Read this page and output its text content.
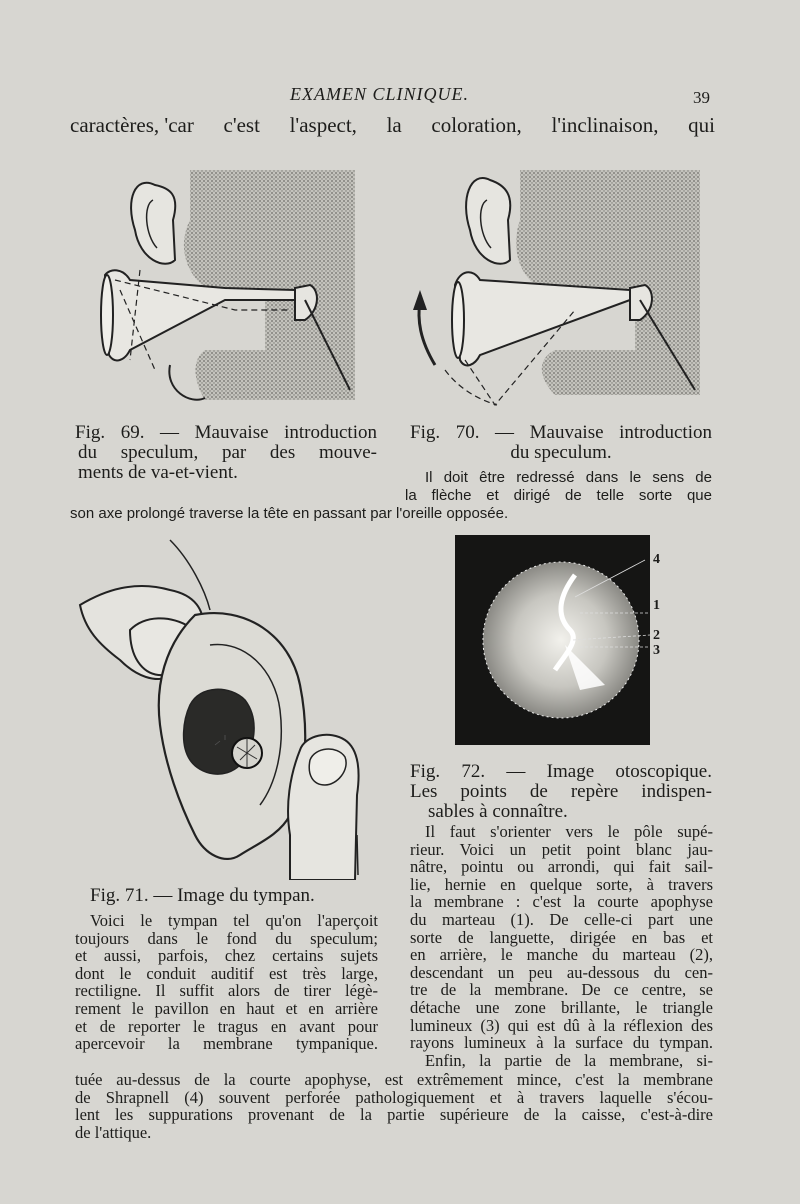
EXAMEN CLINIQUE.	39
caractères, 'car c'est l'aspect, la coloration, l'inclinaison, qui
Fig. 69. — Mauvaise introduction
du speculum, par des mouve-
ments de va-et-vient.
Fig. 70. — Mauvaise introduction
du speculum.
Il doit être redressé dans le sens de
la flèche et dirigé de telle sorte que
son axe prolongé traverse la tête en passant par l'oreille opposée.
4
1
2
3
Fig. 72. — Image otoscopique.
Les points de repère indispen-
sables à connaître.
Fig. 71. — Image du tympan.
Voici le tympan tel qu'on l'aperçoit
toujours dans le fond du speculum;
et aussi, parfois, chez certains sujets
dont le conduit auditif est très large,
rectiligne. Il suffit alors de tirer légè-
rement le pavillon en haut et en arrière
et de reporter le tragus en avant pour
apercevoir la membrane tympanique.
Il faut s'orienter vers le pôle supé-
rieur. Voici un petit point blanc jau-
nâtre, pointu ou arrondi, qui fait sail-
lie, hernie en quelque sorte, à travers
la membrane : c'est la courte apophyse
du marteau (1). De celle-ci part une
sorte de languette, dirigée en bas et
en arrière, le manche du marteau (2),
descendant un peu au-dessous du cen-
tre de la membrane. De ce centre, se
détache une zone brillante, le triangle
lumineux (3) qui est dû à la réflexion des
rayons lumineux à la surface du tympan.
Enfin, la partie de la membrane, si-
tuée au-dessus de la courte apophyse, est extrêmement mince, c'est la membrane
de Shrapnell (4) souvent perforée pathologiquement et à travers laquelle s'écou-
lent les suppurations provenant de la partie supérieure de la caisse, c'est-à-dire
de l'attique.
